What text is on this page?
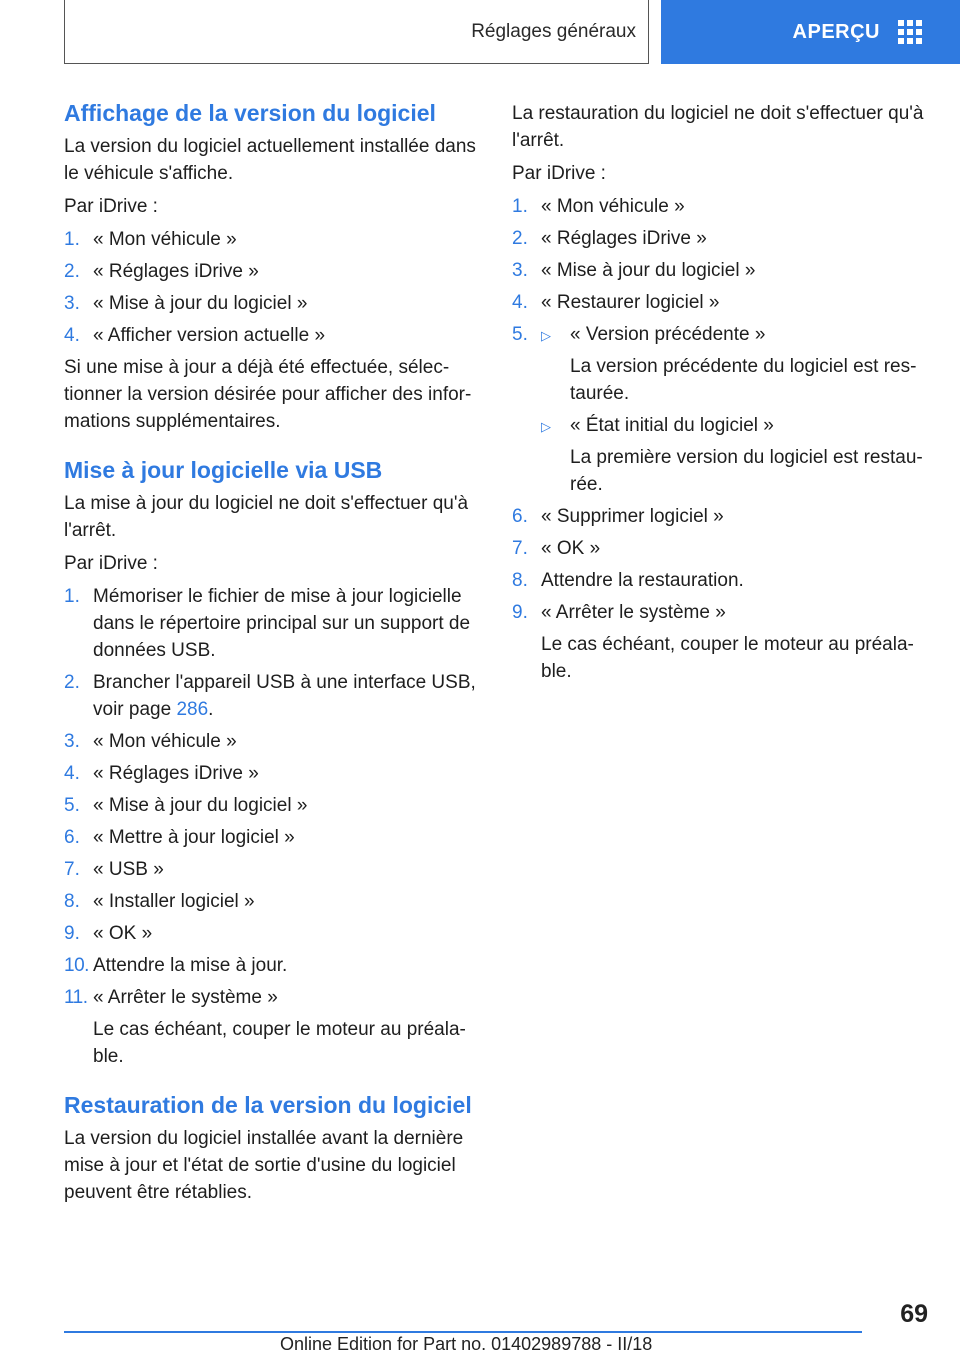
Réglages généraux	APERÇU
Affichage de la version du logiciel

La version du logiciel actuellement installée dans le véhicule s'affiche.

Par iDrive :

1. « Mon véhicule »
2. « Réglages iDrive »
3. « Mise à jour du logiciel »
4. « Afficher version actuelle »

Si une mise à jour a déjà été effectuée, sélectionner la version désirée pour afficher des informations supplémentaires.

Mise à jour logicielle via USB

La mise à jour du logiciel ne doit s'effectuer qu'à l'arrêt.

Par iDrive :

1. Mémoriser le fichier de mise à jour logicielle dans le répertoire principal sur un support de données USB.
2. Brancher l'appareil USB à une interface USB, voir page 286.
3. « Mon véhicule »
4. « Réglages iDrive »
5. « Mise à jour du logiciel »
6. « Mettre à jour logiciel »
7. « USB »
8. « Installer logiciel »
9. « OK »
10. Attendre la mise à jour.
11. « Arrêter le système »
Le cas échéant, couper le moteur au préalable.
Restauration de la version du logiciel

La version du logiciel installée avant la dernière mise à jour et l'état de sortie d'usine du logiciel peuvent être rétablies.

La restauration du logiciel ne doit s'effectuer qu'à l'arrêt.

Par iDrive :

1. « Mon véhicule »
2. « Réglages iDrive »
3. « Mise à jour du logiciel »
4. « Restaurer logiciel »
5.	▷	« Version précédente »
La version précédente du logiciel est restaurée.
▷	« État initial du logiciel »
La première version du logiciel est restaurée.
6. « Supprimer logiciel »
7. « OK »
8. Attendre la restauration.
9. « Arrêter le système »
Le cas échéant, couper le moteur au préalable.
69
Online Edition for Part no. 01402989788 - II/18
